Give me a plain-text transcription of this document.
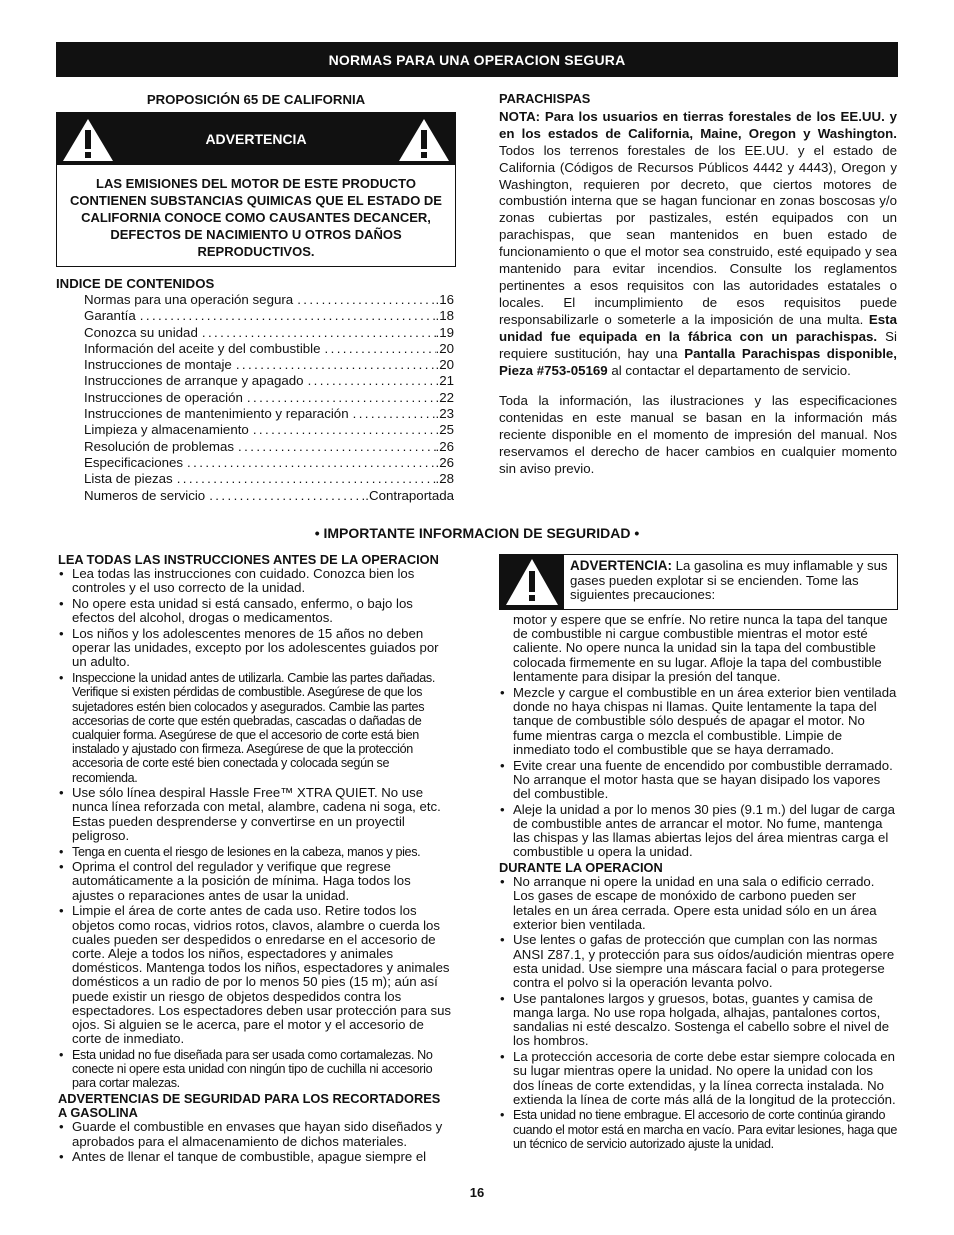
NORMAS PARA UNA OPERACION SEGURA
PROPOSICIÓN 65 DE CALIFORNIA
ADVERTENCIA
LAS EMISIONES DEL MOTOR DE ESTE PRODUCTO CONTIENEN SUBSTANCIAS QUIMICAS QUE EL ESTADO DE CALIFORNIA CONOCE COMO CAUSANTES DECANCER, DEFECTOS DE NACIMIENTO U OTROS DAÑOS REPRODUCTIVOS.
INDICE DE CONTENIDOS
Normas para una operación segura .....	.16
Garantía .....	.18
Conozca su unidad .....	.19
Información del aceite y del combustible .....	.20
Instrucciones de montaje .....	.20
Instrucciones de arranque y apagado .....	.21
Instrucciones de operación .....	.22
Instrucciones de mantenimiento y reparación .....	.23
Limpieza y almacenamiento .....	.25
Resolución de problemas .....	.26
Especificaciones .....	.26
Lista de piezas .....	.28
Numeros de servicio .....	.Contraportada

PARACHISPAS

NOTA: Para los usuarios en tierras forestales de los EE.UU. y en los estados de California, Maine, Oregon y Washington. Todos los terrenos forestales de los EE.UU. y el estado de California (Códigos de Recursos Públicos 4442 y 4443), Oregon y Washington, requieren por decreto, que ciertos motores de combustión interna que se hagan funcionar en zonas boscosas y/o zonas cubiertas por pastizales, estén equipados con un parachispas, que sean mantenidos en buen estado de funcionamiento o que el motor sea construido, esté equipado y sea mantenido para evitar incendios. Consulte los reglamentos pertinentes a esos requisitos con las autoridades estatales o locales. El incumplimiento de esos requisitos puede responsabilizarle o someterle a la imposición de una multa. Esta unidad fue equipada en la fábrica con un parachispas. Si requiere sustitución, hay una Pantalla Parachispas disponible, Pieza #753-05169 al contactar el departamento de servicio.

Toda la información, las ilustraciones y las especificaciones contenidas en este manual se basan en la información más reciente disponible en el momento de impresión del manual. Nos reservamos el derecho de hacer cambios en cualquier momento sin aviso previo.

• IMPORTANTE INFORMACION DE SEGURIDAD •

LEA TODAS LAS INSTRUCCIONES ANTES DE LA OPERACION

• Lea todas las instrucciones con cuidado. Conozca bien los controles y el uso correcto de la unidad.
• No opere esta unidad si está cansado, enfermo, o bajo los efectos del alcohol, drogas o medicamentos.
• Los niños y los adolescentes menores de 15 años no deben operar las unidades, excepto por los adolescentes guiados por un adulto.
• Inspeccione la unidad antes de utilizarla. Cambie las partes dañadas. Verifique si existen pérdidas de combustible. Asegúrese de que los sujetadores estén bien colocados y asegurados. Cambie las partes accesorias de corte que estén quebradas, cascadas o dañadas de cualquier forma. Asegúrese de que el accesorio de corte está bien instalado y ajustado con firmeza. Asegúrese de que la protección accesoria de corte esté bien conectada y colocada según se recomienda.
• Use sólo línea despiral Hassle Free™ XTRA QUIET. No use nunca línea reforzada con metal, alambre, cadena ni soga, etc. Estas pueden desprenderse y convertirse en un proyectil peligroso.
• Tenga en cuenta el riesgo de lesiones en la cabeza, manos y pies.
• Oprima el control del regulador y verifique que regrese automáticamente a la posición de mínima. Haga todos los ajustes o reparaciones antes de usar la unidad.
• Limpie el área de corte antes de cada uso. Retire todos los objetos como rocas, vidrios rotos, clavos, alambre o cuerda los cuales pueden ser despedidos o enredarse en el accesorio de corte. Aleje a todos los niños, espectadores y animales domésticos. Mantenga todos los niños, espectadores y animales domésticos a un radio de por lo menos 50 pies (15 m); aún así puede existir un riesgo de objetos despedidos contra los espectadores. Los espectadores deben usar protección para sus ojos. Si alguien se le acerca, pare el motor y el accesorio de corte de inmediato.
• Esta unidad no fue diseñada para ser usada como cortamalezas. No conecte ni opere esta unidad con ningún tipo de cuchilla ni accesorio para cortar malezas.

ADVERTENCIAS DE SEGURIDAD PARA LOS RECORTADORES A GASOLINA

• Guarde el combustible en envases que hayan sido diseñados y aprobados para el almacenamiento de dichos materiales.
• Antes de llenar el tanque de combustible, apague siempre el
ADVERTENCIA: La gasolina es muy inflamable y sus gases pueden explotar si se encienden. Tome las siguientes precauciones:

motor y espere que se enfríe. No retire nunca la tapa del tanque de combustible ni cargue combustible mientras el motor esté caliente. No opere nunca la unidad sin la tapa del combustible colocada firmemente en su lugar. Afloje la tapa del combustible lentamente para disipar la presión del tanque.

• Mezcle y cargue el combustible en un área exterior bien ventilada donde no haya chispas ni llamas. Quite lentamente la tapa del tanque de combustible sólo después de apagar el motor. No fume mientras carga o mezcla el combustible. Limpie de inmediato todo el combustible que se haya derramado.
• Evite crear una fuente de encendido por combustible derramado. No arranque el motor hasta que se hayan disipado los vapores del combustible.
• Aleje la unidad a por lo menos 30 pies (9.1 m.) del lugar de carga de combustible antes de arrancar el motor. No fume, mantenga las chispas y las llamas abiertas lejos del área mientras carga el combustible u opera la unidad.

DURANTE LA OPERACION

• No arranque ni opere la unidad en una sala o edificio cerrado. Los gases de escape de monóxido de carbono pueden ser letales en un área cerrada. Opere esta unidad sólo en un área exterior bien ventilada.
• Use lentes o gafas de protección que cumplan con las normas ANSI Z87.1, y protección para sus oídos/audición mientras opere esta unidad. Use siempre una máscara facial o para protegerse contra el polvo si la operación levanta polvo.
• Use pantalones largos y gruesos, botas, guantes y camisa de manga larga. No use ropa holgada, alhajas, pantalones cortos, sandalias ni esté descalzo. Sostenga el cabello sobre el nivel de los hombros.
• La protección accesoria de corte debe estar siempre colocada en su lugar mientras opere la unidad. No opere la unidad con los dos líneas de corte extendidas, y la línea correcta instalada. No extienda la línea de corte más allá de la longitud de la protección.
• Esta unidad no tiene embrague. El accesorio de corte continúa girando cuando el motor está en marcha en vacío. Para evitar lesiones, haga que un técnico de servicio autorizado ajuste la unidad.
16
